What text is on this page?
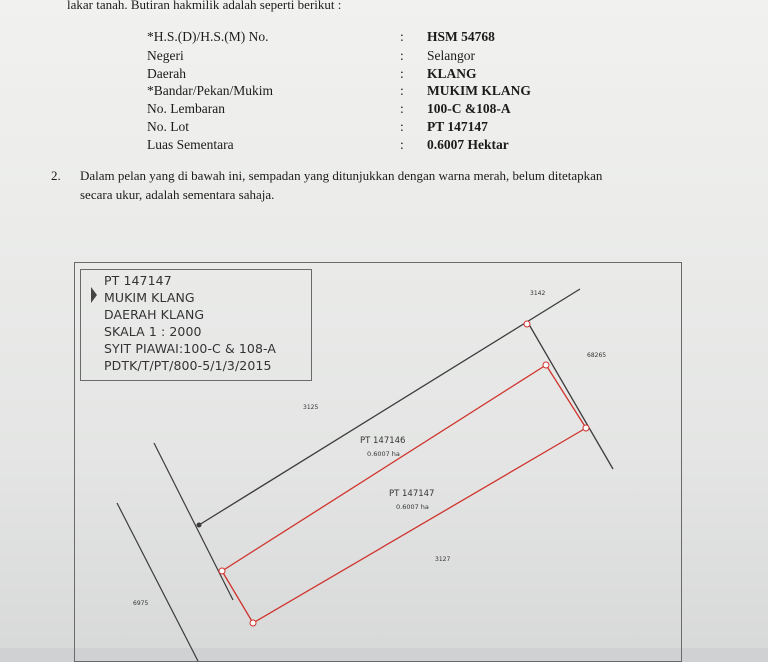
lakar tanah. Butiran hakmilik adalah seperti berikut :
*H.S.(D)/H.S.(M) No.
Negeri
Daerah
*Bandar/Pekan/Mukim
No. Lembaran
No. Lot
Luas Sementara
:
:
:
:
:
:
:
HSM 54768
Selangor
KLANG
MUKIM KLANG
100-C &108-A
PT 147147
0.6007 Hektar
2. Dalam pelan yang di bawah ini, sempadan yang ditunjukkan dengan warna merah, belum ditetapkan
secara ukur, adalah sementara sahaja.
PT 147146
0.6007 ha
PT 147147
0.6007 ha
3125
3142
68265
3127
6975
PT 147147
MUKIM KLANG
DAERAH KLANG
SKALA 1 : 2000
SYIT PIAWAI:100-C & 108-A
PDTK/T/PT/800-5/1/3/2015
